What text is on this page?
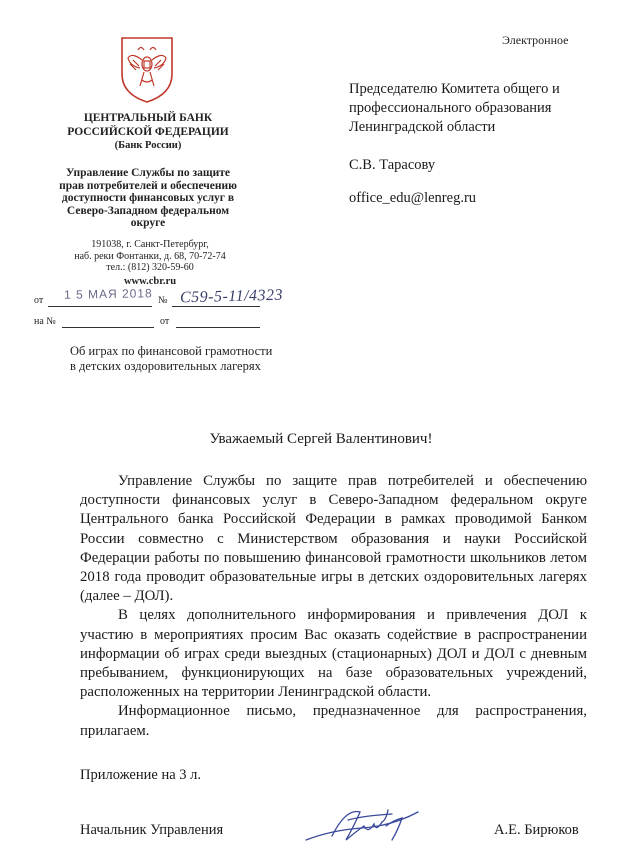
Электронное
ЦЕНТРАЛЬНЫЙ БАНК
РОССИЙСКОЙ ФЕДЕРАЦИИ
(Банк России)
Управление Службы по защите
прав потребителей и обеспечению
доступности финансовых услуг в
Северо-Западном федеральном
округе
191038, г. Санкт-Петербург,
наб. реки Фонтанки, д. 68, 70-72-74
тел.: (812) 320-59-60
www.cbr.ru
от 1 5 МАЯ 2018 № С59-5-11/4323
на №	от
Об играх по финансовой грамотности
в детских оздоровительных лагерях
Председателю Комитета общего и
профессионального образования
Ленинградской области
С.В. Тарасову
office_edu@lenreg.ru
Уважаемый Сергей Валентинович!

Управление Службы по защите прав потребителей и обеспечению доступности финансовых услуг в Северо-Западном федеральном округе Центрального банка Российской Федерации в рамках проводимой Банком России совместно с Министерством образования и науки Российской Федерации работы по повышению финансовой грамотности школьников летом 2018 года проводит образовательные игры в детских оздоровительных лагерях (далее – ДОЛ).

В целях дополнительного информирования и привлечения ДОЛ к участию в мероприятиях просим Вас оказать содействие в распространении информации об играх среди выездных (стационарных) ДОЛ и ДОЛ с дневным пребыванием, функционирующих на базе образовательных учреждений, расположенных на территории Ленинградской области.

Информационное письмо, предназначенное для распространения, прилагаем.

Приложение на 3 л.
Начальник Управления	А.Е. Бирюков
